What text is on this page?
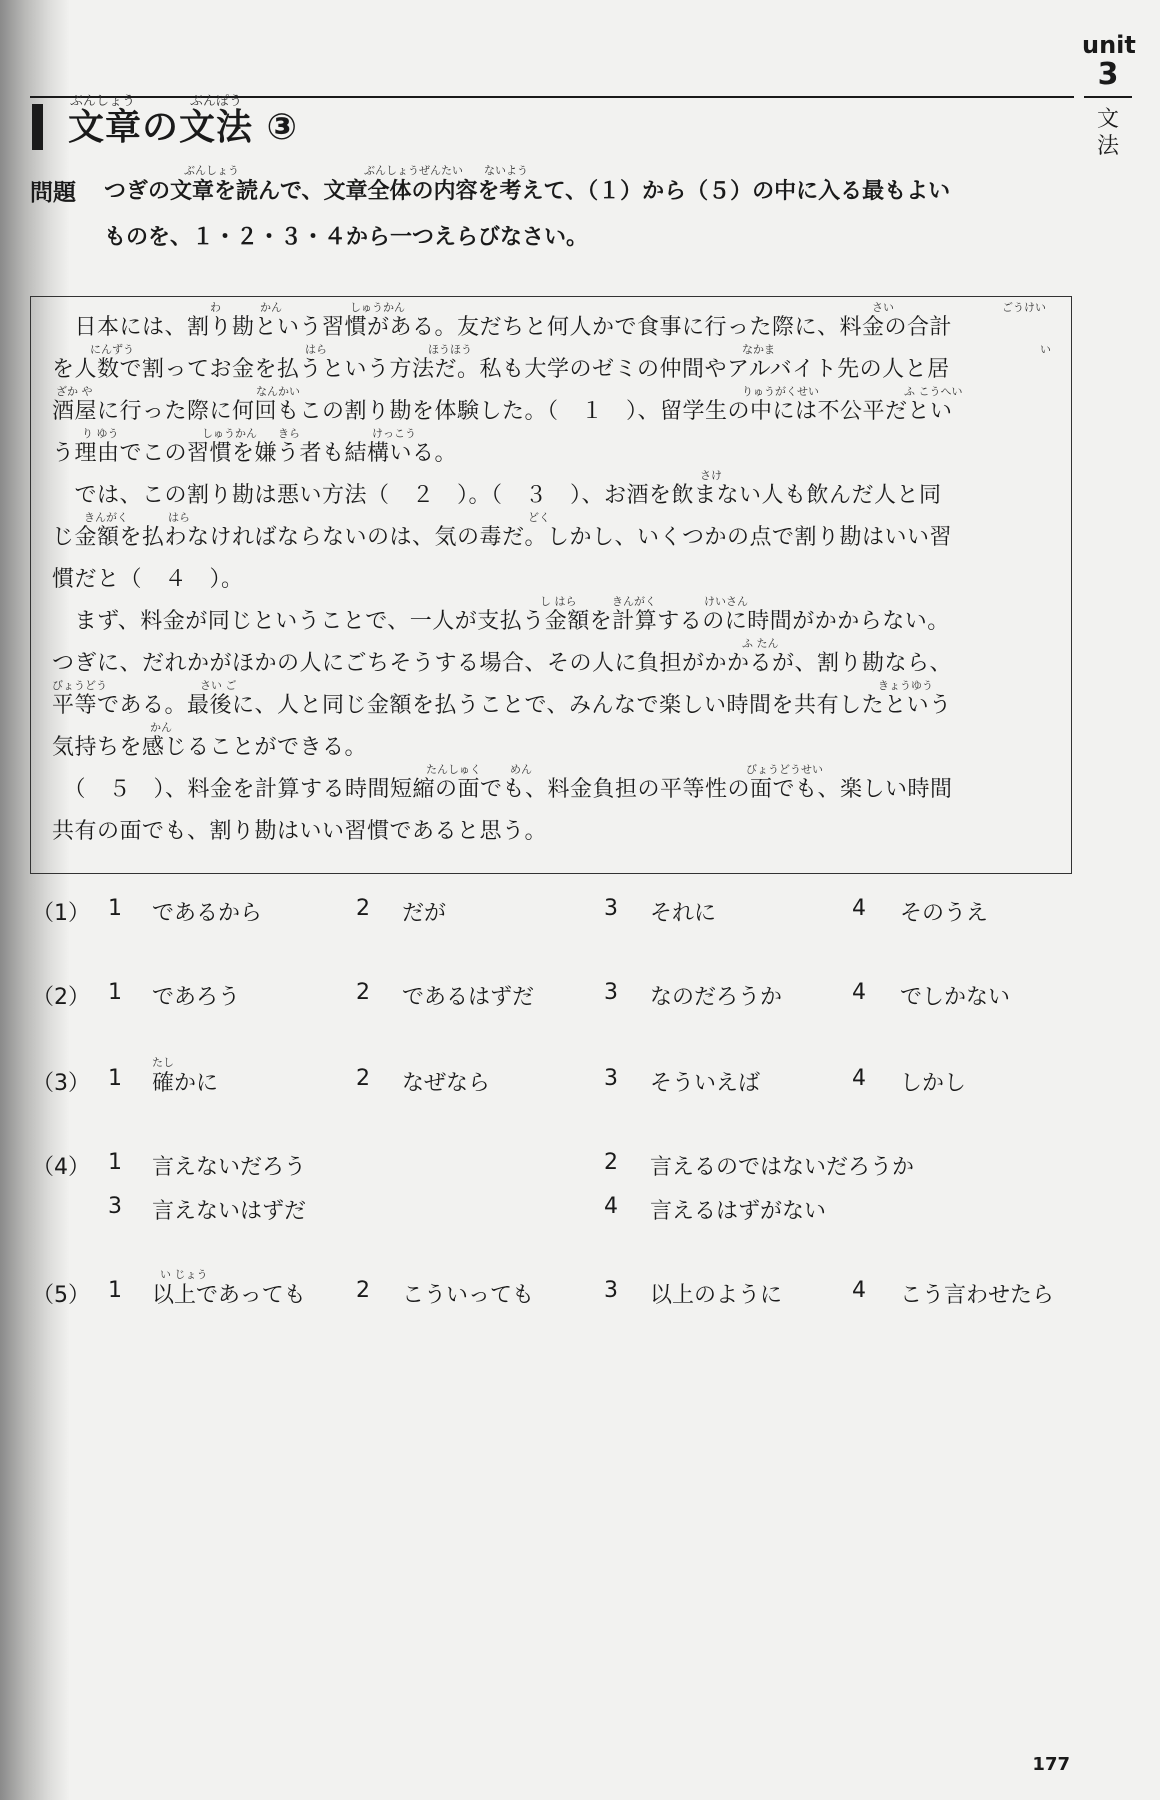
unit
3
文
法
ぶんしょう	ぶんぽう
文章の文法 ③
問題
ぶんしょう	ぶんしょうぜんたい ないよう
つぎの文章を読んで、文章全体の内容を考えて、（１）から（５）の中に入る最もよい
ものを、１・２・３・４から一つえらびなさい。
わ	かん	しゅうかん	さい	ごうけい
　日本には、割り勘という習慣がある。友だちと何人かで食事に行った際に、料金の合計
にんずう	はら	ほうほう	なかま	い
を人数で割ってお金を払うという方法だ。私も大学のゼミの仲間やアルバイト先の人と居
ざか や	なんかい	りゅうがくせい	ふ こうへい
酒屋に行った際に何回もこの割り勘を体験した。（　１　）、留学生の中には不公平だとい
り ゆう	しゅうかん きら	けっこう
う理由でこの習慣を嫌う者も結構いる。
さけ
　では、この割り勘は悪い方法（　２　）。（　３　）、お酒を飲まない人も飲んだ人と同
きんがく	はら	どく
じ金額を払わなければならないのは、気の毒だ。しかし、いくつかの点で割り勘はいい習
慣だと（　４　）。
し はら	きんがく	けいさん
　まず、料金が同じということで、一人が支払う金額を計算するのに時間がかからない。
ふ たん
つぎに、だれかがほかの人にごちそうする場合、その人に負担がかかるが、割り勘なら、
びょうどう	さい ご	きょうゆう
平等である。最後に、人と同じ金額を払うことで、みんなで楽しい時間を共有したという
かん
気持ちを感じることができる。
たんしゅく	めん	びょうどうせい
　（　５　）、料金を計算する時間短縮の面でも、料金負担の平等性の面でも、楽しい時間
共有の面でも、割り勘はいい習慣であると思う。
（1） 1 であるから	2 だが	3 それに	4 そのうえ
（2） 1 であろう	2 であるはずだ	3 なのだろうか	4 でしかない
たし
（3） 1 確かに	2 なぜなら	3 そういえば	4 しかし
（4） 1 言えないだろう	2 言えるのではないだろうか
3 言えないはずだ	4 言えるはずがない
い じょう
（5） 1 以上であっても 2 こういっても	3 以上のように	4 こう言わせたら
177
